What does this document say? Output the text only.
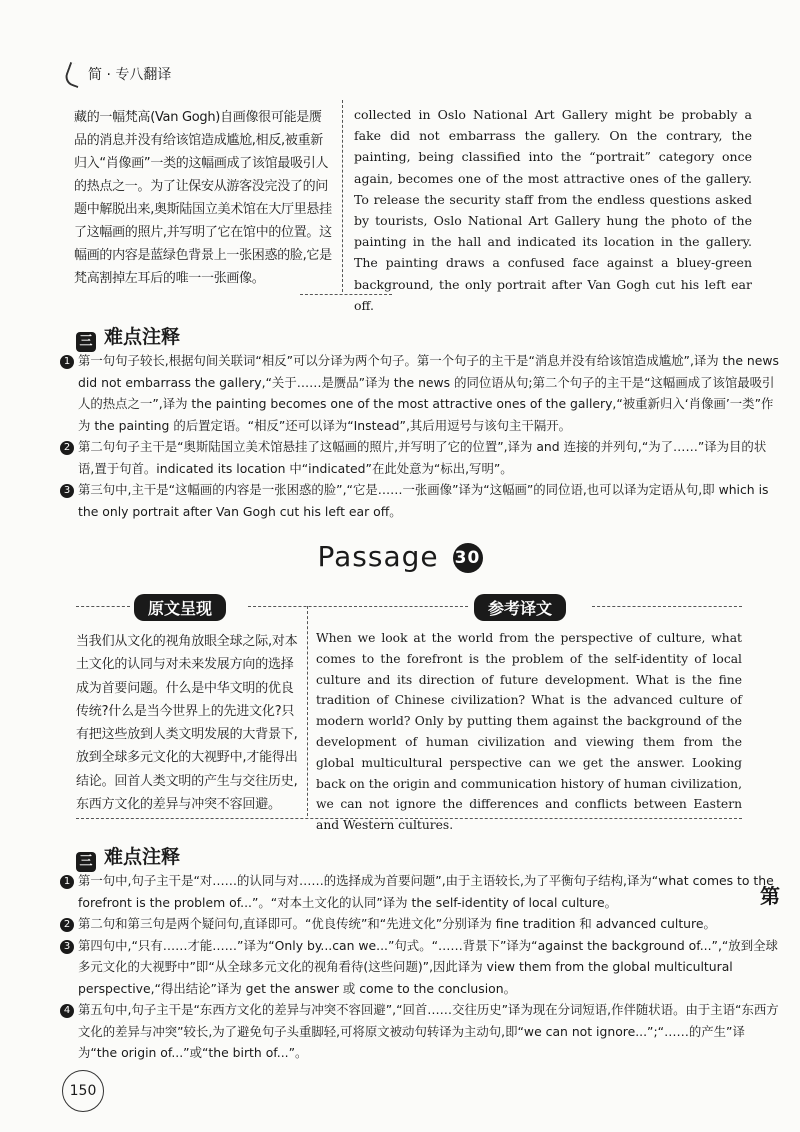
简 · 专八翻译
藏的一幅梵高(Van Gogh)自画像很可能是赝品的消息并没有给该馆造成尴尬,相反,被重新归入“肖像画”一类的这幅画成了该馆最吸引人的热点之一。为了让保安从游客没完没了的问题中解脱出来,奥斯陆国立美术馆在大厅里悬挂了这幅画的照片,并写明了它在馆中的位置。这幅画的内容是蓝绿色背景上一张困惑的脸,它是梵高割掉左耳后的唯一一张画像。
collected in Oslo National Art Gallery might be probably a fake did not embarrass the gallery. On the contrary, the painting, being classified into the “portrait” category once again, becomes one of the most attractive ones of the gallery. To release the security staff from the endless questions asked by tourists, Oslo National Art Gallery hung the photo of the painting in the hall and indicated its location in the gallery. The painting draws a confused face against a bluey-green background, the only portrait after Van Gogh cut his left ear off.
三 难点注释

1 第一句句子较长,根据句间关联词“相反”可以分译为两个句子。第一个句子的主干是“消息并没有给该馆造成尴尬”,译为 the news did not embarrass the gallery,“关于……是赝品”译为 the news 的同位语从句;第二个句子的主干是“这幅画成了该馆最吸引人的热点之一”,译为 the painting becomes one of the most attractive ones of the gallery,“被重新归入‘肖像画’一类”作为 the painting 的后置定语。“相反”还可以译为“Instead”,其后用逗号与该句主干隔开。

2 第二句句子主干是“奥斯陆国立美术馆悬挂了这幅画的照片,并写明了它的位置”,译为 and 连接的并列句,“为了……”译为目的状语,置于句首。indicated its location 中“indicated”在此处意为“标出,写明”。

3 第三句中,主干是“这幅画的内容是一张困惑的脸”,“它是……一张画像”译为“这幅画”的同位语,也可以译为定语从句,即 which is the only portrait after Van Gogh cut his left ear off。

Passage 30
原文呈现	参考译文
当我们从文化的视角放眼全球之际,对本土文化的认同与对未来发展方向的选择成为首要问题。什么是中华文明的优良传统?什么是当今世界上的先进文化?只有把这些放到人类文明发展的大背景下,放到全球多元文化的大视野中,才能得出结论。回首人类文明的产生与交往历史,东西方文化的差异与冲突不容回避。
When we look at the world from the perspective of culture, what comes to the forefront is the problem of the self-identity of local culture and its direction of future development. What is the fine tradition of Chinese civilization? What is the advanced culture of modern world? Only by putting them against the background of the development of human civilization and viewing them from the global multicultural perspective can we get the answer. Looking back on the origin and communication history of human civilization, we can not ignore the differences and conflicts between Eastern and Western cultures.
三 难点注释

1 第一句中,句子主干是“对……的认同与对……的选择成为首要问题”,由于主语较长,为了平衡句子结构,译为“what comes to the forefront is the problem of...”。“对本土文化的认同”译为 the self-identity of local culture。

2 第二句和第三句是两个疑问句,直译即可。“优良传统”和“先进文化”分别译为 fine tradition 和 advanced culture。

3 第四句中,“只有……才能……”译为“Only by...can we...”句式。“……背景下”译为“against the background of...”,“放到全球多元文化的大视野中”即“从全球多元文化的视角看待(这些问题)”,因此译为 view them from the global multicultural perspective,“得出结论”译为 get the answer 或 come to the conclusion。

4 第五句中,句子主干是“东西方文化的差异与冲突不容回避”,“回首……交往历史”译为现在分词短语,作伴随状语。由于主语“东西方文化的差异与冲突”较长,为了避免句子头重脚轻,可将原文被动句转译为主动句,即“we can not ignore...”;“……的产生”译为“the origin of...”或“the birth of...”。

150
第
